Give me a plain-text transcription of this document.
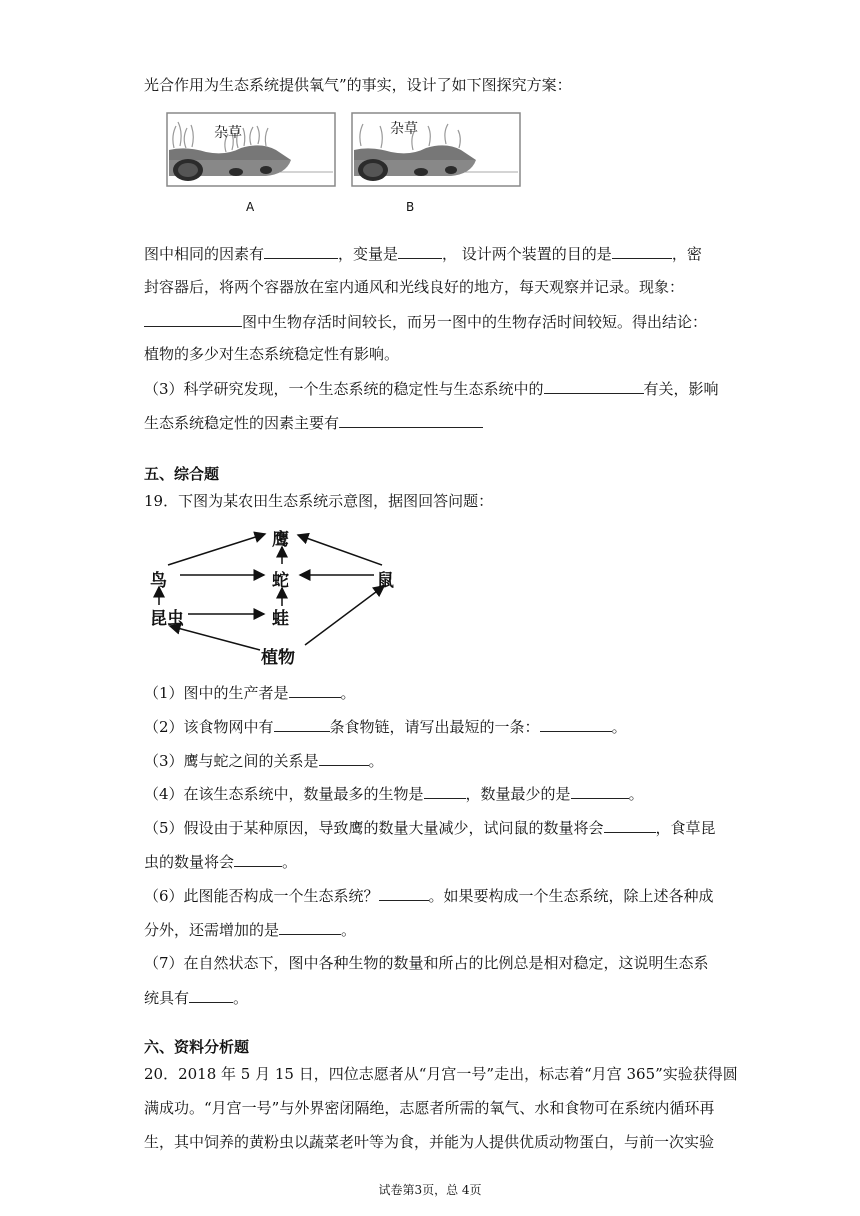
光合作用为生态系统提供氧气”的事实，设计了如下图探究方案：
杂草
A
杂草
B
图中相同的因素有	，变量是	， 设计两个装置的目的是	，密
封容器后，将两个容器放在室内通风和光线良好的地方，每天观察并记录。现象：
图中生物存活时间较长，而另一图中的生物存活时间较短。得出结论：
植物的多少对生态系统稳定性有影响。
（3）科学研究发现，一个生态系统的稳定性与生态系统中的	有关，影响
生态系统稳定性的因素主要有
五、综合题
19．下图为某农田生态系统示意图，据图回答问题：
鹰
鸟	蛇	鼠
昆虫	蛙
植物
（1）图中的生产者是	。
（2）该食物网中有	条食物链，请写出最短的一条：	。
（3）鹰与蛇之间的关系是	。
（4）在该生态系统中，数量最多的生物是	，数量最少的是	。
（5）假设由于某种原因，导致鹰的数量大量减少，试问鼠的数量将会	，食草昆
虫的数量将会	。
（6）此图能否构成一个生态系统？	。如果要构成一个生态系统，除上述各种成
分外，还需增加的是	。
（7）在自然状态下，图中各种生物的数量和所占的比例总是相对稳定，这说明生态系
统具有	。
六、资料分析题
20．2018 年 5 月 15 日，四位志愿者从“月宫一号”走出，标志着“月宫 365”实验获得圆
满成功。“月宫一号”与外界密闭隔绝，志愿者所需的氧气、水和食物可在系统内循环再
生，其中饲养的黄粉虫以蔬菜老叶等为食，并能为人提供优质动物蛋白，与前一次实验
试卷第3页，总 4页
